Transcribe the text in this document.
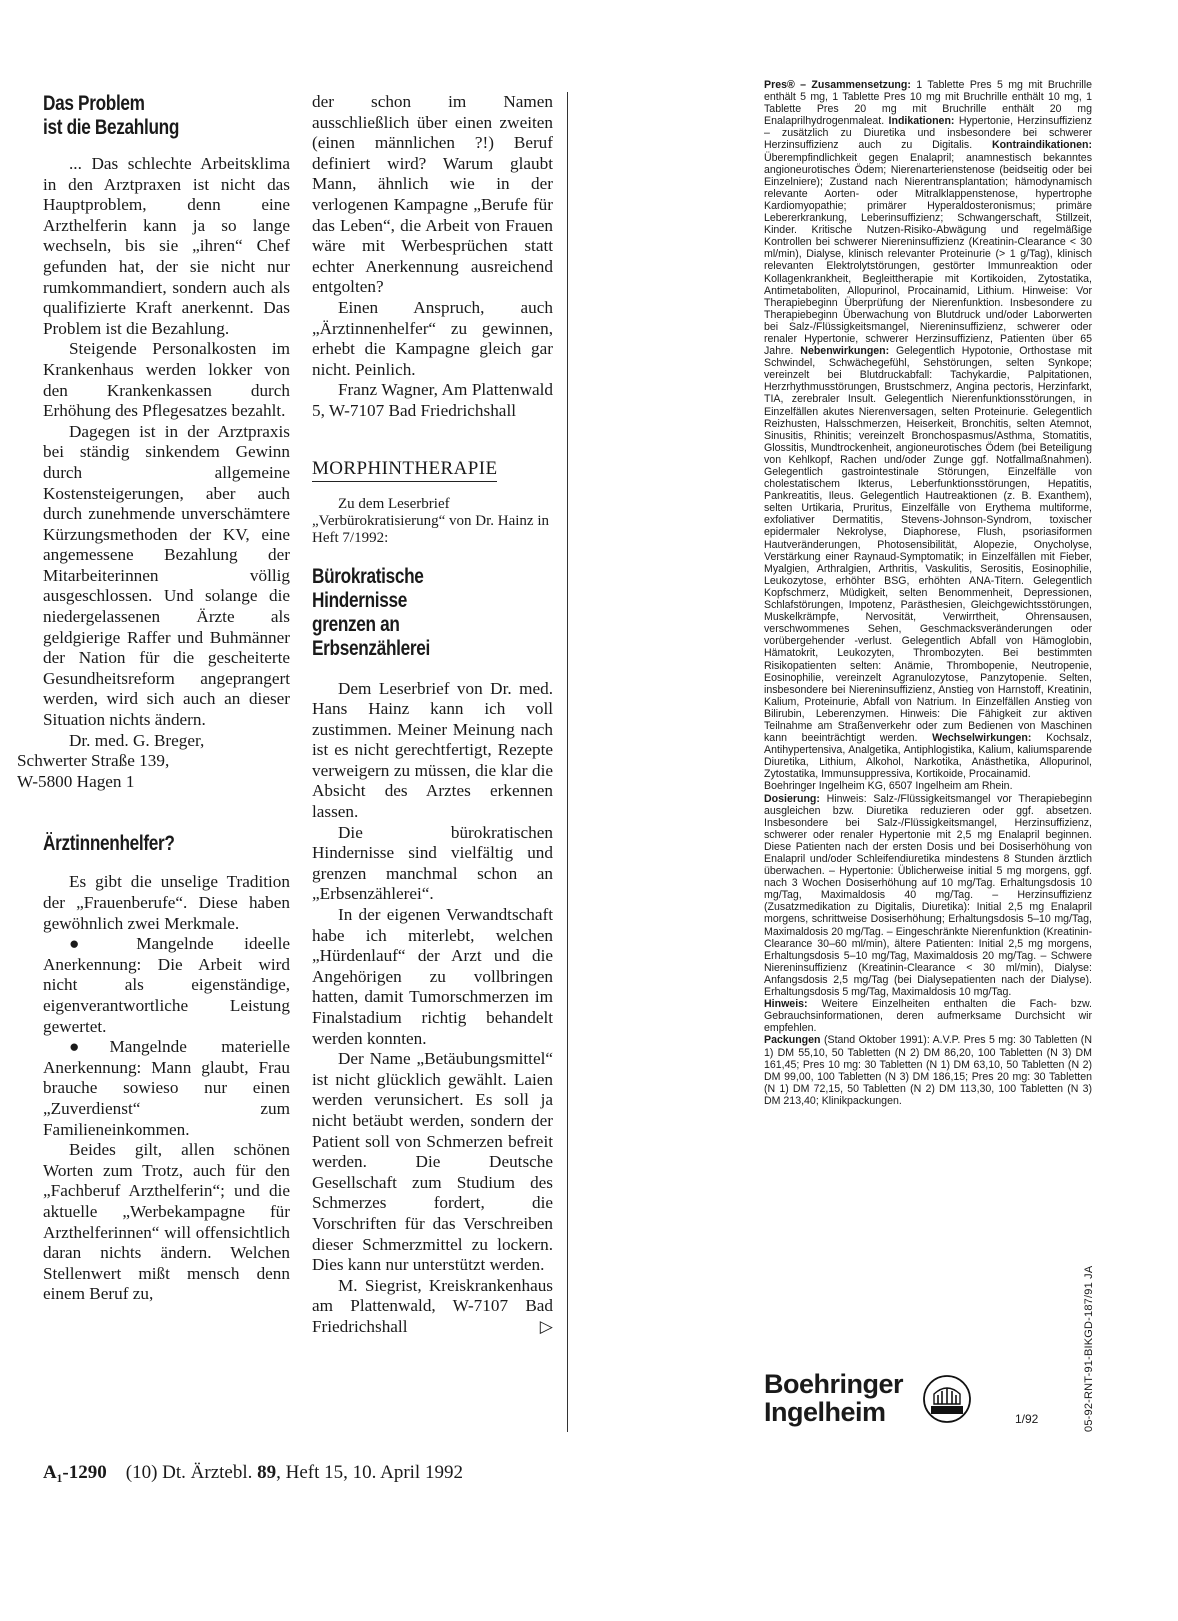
Das Problem
ist die Bezahlung

... Das schlechte Arbeitsklima in den Arztpraxen ist nicht das Hauptproblem, denn eine Arzthelferin kann ja so lange wechseln, bis sie „ihren“ Chef gefunden hat, der sie nicht nur rumkommandiert, sondern auch als qualifizierte Kraft anerkennt. Das Problem ist die Bezahlung.

Steigende Personalkosten im Krankenhaus werden lokker von den Krankenkassen durch Erhöhung des Pflegesatzes bezahlt.

Dagegen ist in der Arztpraxis bei ständig sinkendem Gewinn durch allgemeine Kostensteigerungen, aber auch durch zunehmende unverschämtere Kürzungsmethoden der KV, eine angemessene Bezahlung der Mitarbeiterinnen völlig ausgeschlossen. Und solange die niedergelassenen Ärzte als geldgierige Raffer und Buhmänner der Nation für die gescheiterte Gesundheitsreform angeprangert werden, wird sich auch an dieser Situation nichts ändern.

Dr. med. G. Breger,
Schwerter Straße 139,
W-5800 Hagen 1

Ärztinnenhelfer?

Es gibt die unselige Tradition der „Frauenberufe“. Diese haben gewöhnlich zwei Merkmale.

● Mangelnde ideelle Anerkennung: Die Arbeit wird nicht als eigenständige, eigenverantwortliche Leistung gewertet.

●Mangelnde materielle Anerkennung: Mann glaubt, Frau brauche sowieso nur einen „Zuverdienst“ zum Familieneinkommen.

Beides gilt, allen schönen Worten zum Trotz, auch für den „Fachberuf Arzthelferin“; und die aktuelle „Werbekampagne für Arzthelferinnen“ will offensichtlich daran nichts ändern. Welchen Stellenwert mißt mensch denn einem Beruf zu,

der schon im Namen ausschließlich über einen zweiten (einen männlichen ?!) Beruf definiert wird? Warum glaubt Mann, ähnlich wie in der verlogenen Kampagne „Berufe für das Leben“, die Arbeit von Frauen wäre mit Werbesprüchen statt echter Anerkennung ausreichend entgolten?

Einen Anspruch, auch „Ärztinnenhelfer“ zu gewinnen, erhebt die Kampagne gleich gar nicht. Peinlich.

Franz Wagner, Am Plattenwald 5, W-7107 Bad Friedrichshall

MORPHINTHERAPIE

Zu dem Leserbrief „Verbürokratisierung“ von Dr. Hainz in Heft 7/1992:

Bürokratische Hindernisse
grenzen an
Erbsenzählerei

Dem Leserbrief von Dr. med. Hans Hainz kann ich voll zustimmen. Meiner Meinung nach ist es nicht gerechtfertigt, Rezepte verweigern zu müssen, die klar die Absicht des Arztes erkennen lassen.

Die bürokratischen Hindernisse sind vielfältig und grenzen manchmal schon an „Erbsenzählerei“.

In der eigenen Verwandtschaft habe ich miterlebt, welchen „Hürdenlauf“ der Arzt und die Angehörigen zu vollbringen hatten, damit Tumorschmerzen im Finalstadium richtig behandelt werden konnten.

Der Name „Betäubungsmittel“ ist nicht glücklich gewählt. Laien werden verunsichert. Es soll ja nicht betäubt werden, sondern der Patient soll von Schmerzen befreit werden. Die Deutsche Gesellschaft zum Studium des Schmerzes fordert, die Vorschriften für das Verschreiben dieser Schmerzmittel zu lockern. Dies kann nur unterstützt werden.

M. Siegrist, Kreiskrankenhaus am Plattenwald, W-7107 Bad Friedrichshall	▷

Pres® – Zusammensetzung: 1 Tablette Pres 5 mg mit Bruchrille enthält 5 mg, 1 Tablette Pres 10 mg mit Bruchrille enthält 10 mg, 1 Tablette Pres 20 mg mit Bruchrille enthält 20 mg Enalaprilhydrogenmaleat. Indikationen: Hypertonie, Herzinsuffizienz – zusätzlich zu Diuretika und insbesondere bei schwerer Herzinsuffizienz auch zu Digitalis. Kontraindikationen: Überempfindlichkeit gegen Enalapril; anamnestisch bekanntes angioneurotisches Ödem; Nierenarterienstenose (beidseitig oder bei Einzelniere); Zustand nach Nierentransplantation; hämodynamisch relevante Aorten- oder Mitralklappenstenose, hypertrophe Kardiomyopathie; primärer Hyperaldosteronismus; primäre Lebererkrankung, Leberinsuffizienz; Schwangerschaft, Stillzeit, Kinder. Kritische Nutzen-Risiko-Abwägung und regelmäßige Kontrollen bei schwerer Niereninsuffizienz (Kreatinin-Clearance < 30 ml/min), Dialyse, klinisch relevanter Proteinurie (> 1 g/Tag), klinisch relevanten Elektrolytstörungen, gestörter Immunreaktion oder Kollagenkrankheit, Begleittherapie mit Kortikoiden, Zytostatika, Antimetaboliten, Allopurinol, Procainamid, Lithium. Hinweise: Vor Therapiebeginn Überprüfung der Nierenfunktion. Insbesondere zu Therapiebeginn Überwachung von Blutdruck und/oder Laborwerten bei Salz-/Flüssigkeitsmangel, Niereninsuffizienz, schwerer oder renaler Hypertonie, schwerer Herzinsuffizienz, Patienten über 65 Jahre. Nebenwirkungen: Gelegentlich Hypotonie, Orthostase mit Schwindel, Schwächegefühl, Sehstörungen, selten Synkope; vereinzelt bei Blutdruckabfall: Tachykardie, Palpitationen, Herzrhythmusstörungen, Brustschmerz, Angina pectoris, Herzinfarkt, TIA, zerebraler Insult. Gelegentlich Nierenfunktionsstörungen, in Einzelfällen akutes Nierenversagen, selten Proteinurie. Gelegentlich Reizhusten, Halsschmerzen, Heiserkeit, Bronchitis, selten Atemnot, Sinusitis, Rhinitis; vereinzelt Bronchospasmus/Asthma, Stomatitis, Glossitis, Mundtrockenheit, angioneurotisches Ödem (bei Beteiligung von Kehlkopf, Rachen und/oder Zunge ggf. Notfallmaßnahmen). Gelegentlich gastrointestinale Störungen, Einzelfälle von cholestatischem Ikterus, Leberfunktionsstörungen, Hepatitis, Pankreatitis, Ileus. Gelegentlich Hautreaktionen (z. B. Exanthem), selten Urtikaria, Pruritus, Einzelfälle von Erythema multiforme, exfoliativer Dermatitis, Stevens-Johnson-Syndrom, toxischer epidermaler Nekrolyse, Diaphorese, Flush, psoriasiformen Hautveränderungen, Photosensibilität, Alopezie, Onycholyse, Verstärkung einer Raynaud-Symptomatik; in Einzelfällen mit Fieber, Myalgien, Arthralgien, Arthritis, Vaskulitis, Serositis, Eosinophilie, Leukozytose, erhöhter BSG, erhöhten ANA-Titern. Gelegentlich Kopfschmerz, Müdigkeit, selten Benommenheit, Depressionen, Schlafstörungen, Impotenz, Parästhesien, Gleichgewichtsstörungen, Muskelkrämpfe, Nervosität, Verwirrtheit, Ohrensausen, verschwommenes Sehen, Geschmacksveränderungen oder vorübergehender -verlust. Gelegentlich Abfall von Hämoglobin, Hämatokrit, Leukozyten, Thrombozyten. Bei bestimmten Risikopatienten selten: Anämie, Thrombopenie, Neutropenie, Eosinophilie, vereinzelt Agranulozytose, Panzytopenie. Selten, insbesondere bei Niereninsuffizienz, Anstieg von Harnstoff, Kreatinin, Kalium, Proteinurie, Abfall von Natrium. In Einzelfällen Anstieg von Bilirubin, Leberenzymen. Hinweis: Die Fähigkeit zur aktiven Teilnahme am Straßenverkehr oder zum Bedienen von Maschinen kann beeinträchtigt werden. Wechselwirkungen: Kochsalz, Antihypertensiva, Analgetika, Antiphlogistika, Kalium, kaliumsparende Diuretika, Lithium, Alkohol, Narkotika, Anästhetika, Allopurinol, Zytostatika, Immunsuppressiva, Kortikoide, Procainamid.

Boehringer Ingelheim KG, 6507 Ingelheim am Rhein.

Dosierung: Hinweis: Salz-/Flüssigkeitsmangel vor Therapiebeginn ausgleichen bzw. Diuretika reduzieren oder ggf. absetzen. Insbesondere bei Salz-/Flüssigkeitsmangel, Herzinsuffizienz, schwerer oder renaler Hypertonie mit 2,5 mg Enalapril beginnen. Diese Patienten nach der ersten Dosis und bei Dosiserhöhung von Enalapril und/oder Schleifendiuretika mindestens 8 Stunden ärztlich überwachen. – Hypertonie: Üblicherweise initial 5 mg morgens, ggf. nach 3 Wochen Dosiserhöhung auf 10 mg/Tag. Erhaltungsdosis 10 mg/Tag, Maximaldosis 40 mg/Tag. – Herzinsuffizienz (Zusatzmedikation zu Digitalis, Diuretika): Initial 2,5 mg Enalapril morgens, schrittweise Dosiserhöhung; Erhaltungsdosis 5–10 mg/Tag, Maximaldosis 20 mg/Tag. – Eingeschränkte Nierenfunktion (Kreatinin-Clearance 30–60 ml/min), ältere Patienten: Initial 2,5 mg morgens, Erhaltungsdosis 5–10 mg/Tag, Maximaldosis 20 mg/Tag. – Schwere Niereninsuffizienz (Kreatinin-Clearance < 30 ml/min), Dialyse: Anfangsdosis 2,5 mg/Tag (bei Dialysepatienten nach der Dialyse). Erhaltungsdosis 5 mg/Tag, Maximaldosis 10 mg/Tag.

Hinweis: Weitere Einzelheiten enthalten die Fach- bzw. Gebrauchsinformationen, deren aufmerksame Durchsicht wir empfehlen.

Packungen (Stand Oktober 1991): A.V.P. Pres 5 mg: 30 Tabletten (N 1) DM 55,10, 50 Tabletten (N 2) DM 86,20, 100 Tabletten (N 3) DM 161,45; Pres 10 mg: 30 Tabletten (N 1) DM 63,10, 50 Tabletten (N 2) DM 99,00, 100 Tabletten (N 3) DM 186,15; Pres 20 mg: 30 Tabletten (N 1) DM 72,15, 50 Tabletten (N 2) DM 113,30, 100 Tabletten (N 3) DM 213,40; Klinikpackungen.

Boehringer
Ingelheim	1/92	05-92-RNT-91-BIKGD-187/91 JA
A₁-1290 (10) Dt. Ärztebl. 89, Heft 15, 10. April 1992
